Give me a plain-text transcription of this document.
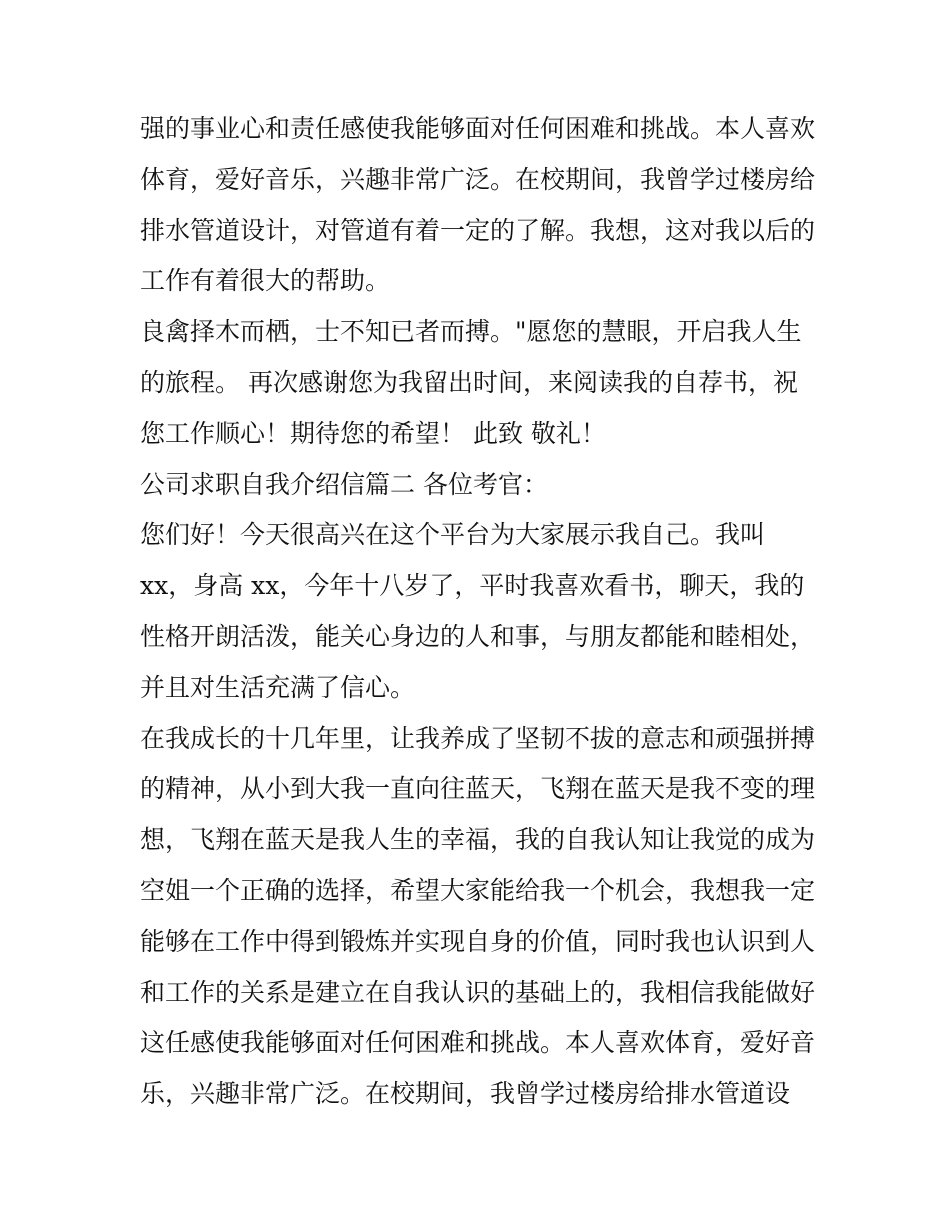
强的事业心和责任感使我能够面对任何困难和挑战。本人喜欢
体育，爱好音乐，兴趣非常广泛。在校期间，我曾学过楼房给
排水管道设计，对管道有着一定的了解。我想，这对我以后的
工作有着很大的帮助。
良禽择木而栖，士不知已者而搏。"愿您的慧眼，开启我人生
的旅程。 再次感谢您为我留出时间，来阅读我的自荐书，祝
您工作顺心！期待您的希望！ 此致 敬礼！
公司求职自我介绍信篇二 各位考官：
您们好！今天很高兴在这个平台为大家展示我自己。我叫
xx，身高 xx，今年十八岁了，平时我喜欢看书，聊天，我的
性格开朗活泼，能关心身边的人和事，与朋友都能和睦相处，
并且对生活充满了信心。
在我成长的十几年里，让我养成了坚韧不拔的意志和顽强拼搏
的精神，从小到大我一直向往蓝天，飞翔在蓝天是我不变的理
想，飞翔在蓝天是我人生的幸福，我的自我认知让我觉的成为
空姐一个正确的选择，希望大家能给我一个机会，我想我一定
能够在工作中得到锻炼并实现自身的价值，同时我也认识到人
和工作的关系是建立在自我认识的基础上的，我相信我能做好
这任感使我能够面对任何困难和挑战。本人喜欢体育，爱好音
乐，兴趣非常广泛。在校期间，我曾学过楼房给排水管道设
